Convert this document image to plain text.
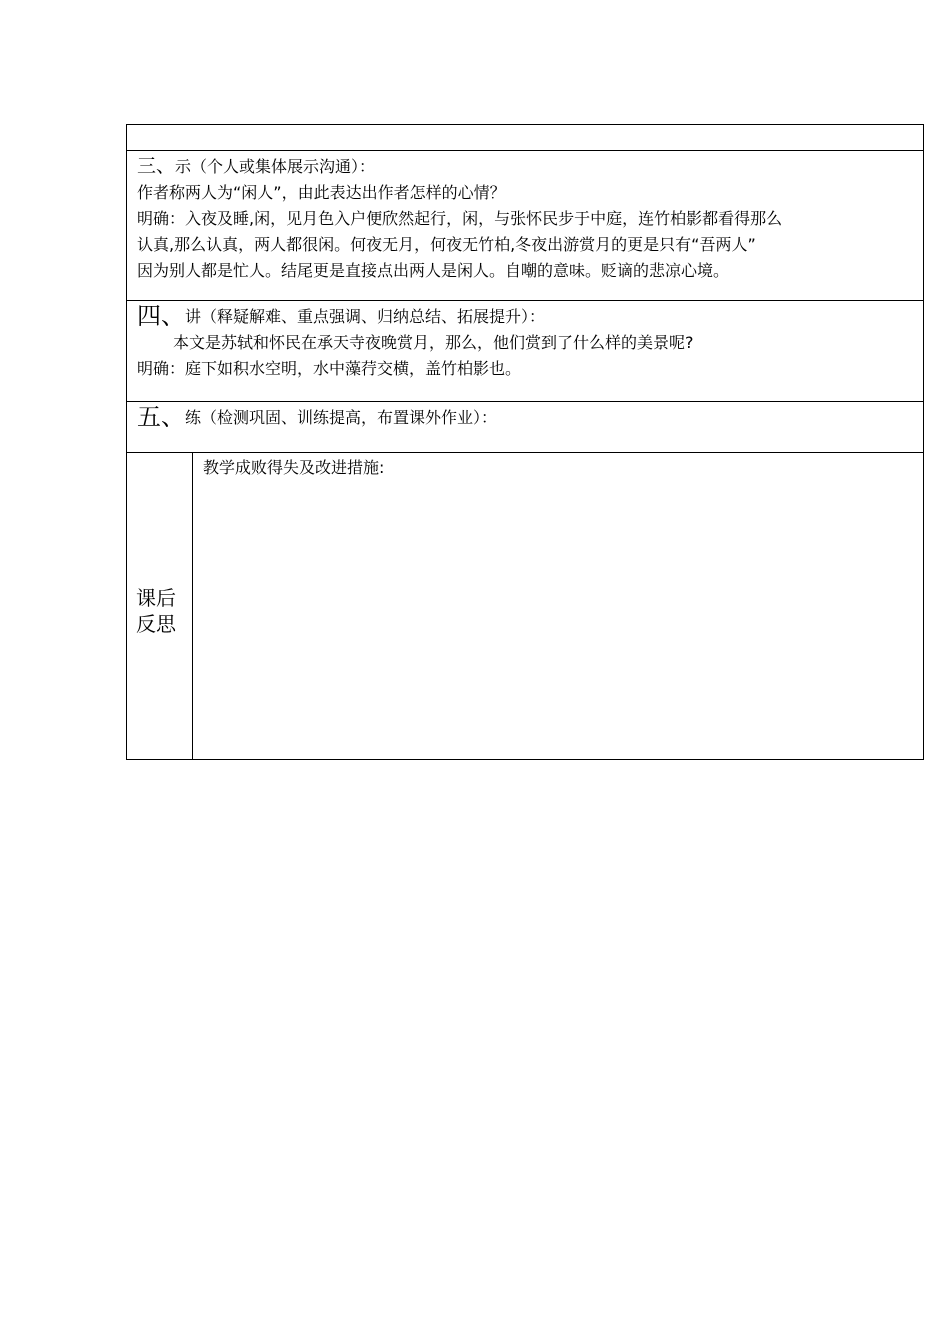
三、示（个人或集体展示沟通）：
作者称两人为“闲人”，由此表达出作者怎样的心情？
明确：入夜及睡,闲，见月色入户便欣然起行，闲，与张怀民步于中庭，连竹柏影都看得那么
认真,那么认真，两人都很闲。何夜无月，何夜无竹柏,冬夜出游赏月的更是只有“吾两人”
因为别人都是忙人。结尾更是直接点出两人是闲人。自嘲的意味。贬谪的悲凉心境。
四、讲（释疑解难、重点强调、归纳总结、拓展提升）：
本文是苏轼和怀民在承天寺夜晚赏月，那么，他们赏到了什么样的美景呢?
明确：庭下如积水空明，水中藻荇交横，盖竹柏影也。
五、练（检测巩固、训练提高，布置课外作业）：
课后反思
教学成败得失及改进措施:
